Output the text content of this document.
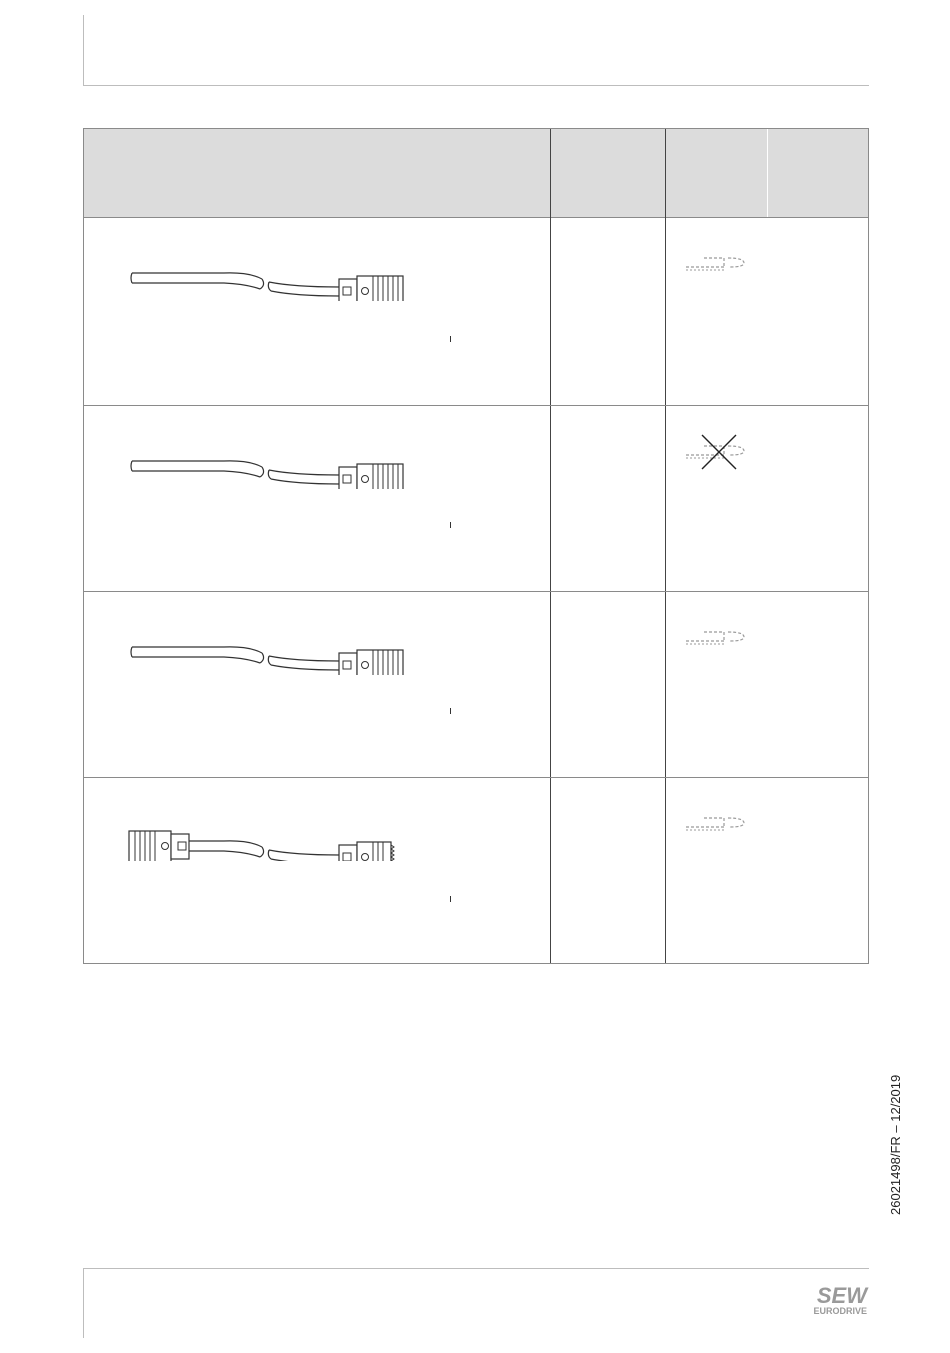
26021498/FR – 12/2019
SEW
EURODRIVE
